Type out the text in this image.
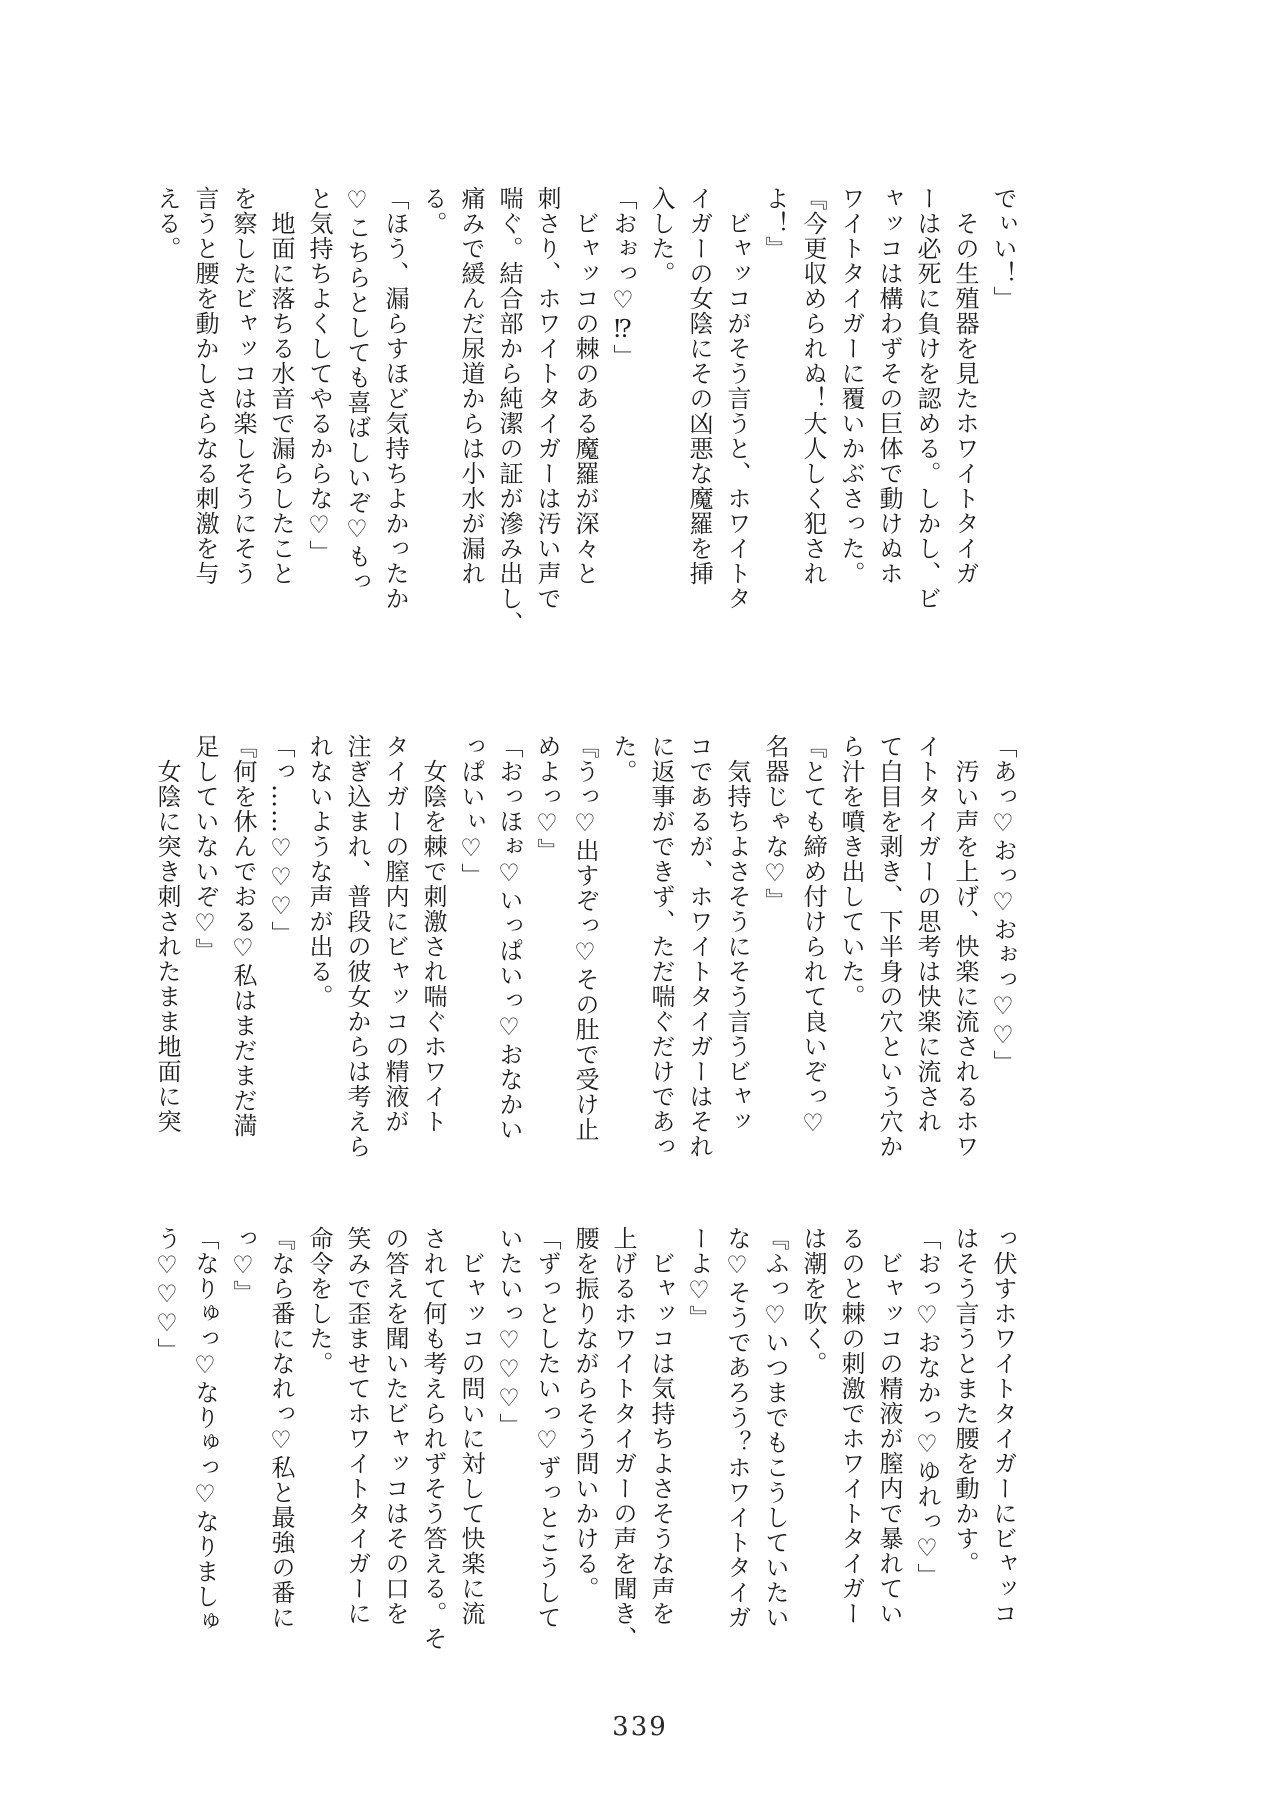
でぃい！」

　その生殖器を見たホワイトタイガ

ーは必死に負けを認める。しかし、ビ

ャッコは構わずその巨体で動けぬホ

ワイトタイガーに覆いかぶさった。

『今更収められぬ！大人しく犯され

よ！』

　ビャッコがそう言うと、ホワイトタ

イガーの女陰にその凶悪な魔羅を挿

入した。

「おぉっ♡⁉」

　ビャッコの棘のある魔羅が深々と

刺さり、ホワイトタイガーは汚い声で

喘ぐ。結合部から純潔の証が滲み出し、

痛みで緩んだ尿道からは小水が漏れ

る。

「ほう、漏らすほど気持ちよかったか

♡こちらとしても喜ばしいぞ♡もっ

と気持ちよくしてやるからな♡」

　地面に落ちる水音で漏らしたこと

を察したビャッコは楽しそうにそう

言うと腰を動かしさらなる刺激を与

える。

「あっ♡おっ♡おぉっ♡♡」

　汚い声を上げ、快楽に流されるホワ

イトタイガーの思考は快楽に流され

て白目を剥き、下半身の穴という穴か

ら汁を噴き出していた。

『とても締め付けられて良いぞっ♡

名器じゃな♡』

　気持ちよさそうにそう言うビャッ

コであるが、ホワイトタイガーはそれ

に返事ができず、ただ喘ぐだけであっ

た。

『うっ♡出すぞっ♡その肚で受け止

めよっ♡』

「おっほぉ♡いっぱいっ♡おなかい

っぱいぃ♡」

　女陰を棘で刺激され喘ぐホワイト

タイガーの膣内にビャッコの精液が

注ぎ込まれ、普段の彼女からは考えら

れないような声が出る。

「っ……♡♡♡」

『何を休んでおる♡私はまだまだ満

足していないぞ♡』

　女陰に突き刺されたまま地面に突

っ伏すホワイトタイガーにビャッコ

はそう言うとまた腰を動かす。

「おっ♡おなかっ♡ゆれっ♡」

　ビャッコの精液が膣内で暴れてい

るのと棘の刺激でホワイトタイガー

は潮を吹く。

『ふっ♡いつまでもこうしていたい

な♡そうであろう？ホワイトタイガ

ーよ♡』

　ビャッコは気持ちよさそうな声を

上げるホワイトタイガーの声を聞き、

腰を振りながらそう問いかける。

「ずっとしたいっ♡ずっとこうして

いたいっ♡♡♡」

　ビャッコの問いに対して快楽に流

されて何も考えられずそう答える。そ

の答えを聞いたビャッコはその口を

笑みで歪ませてホワイトタイガーに

命令をした。

『なら番になれっ♡私と最強の番に

っ♡』

「なりゅっ♡なりゅっ♡なりましゅ

う♡♡♡」

339
